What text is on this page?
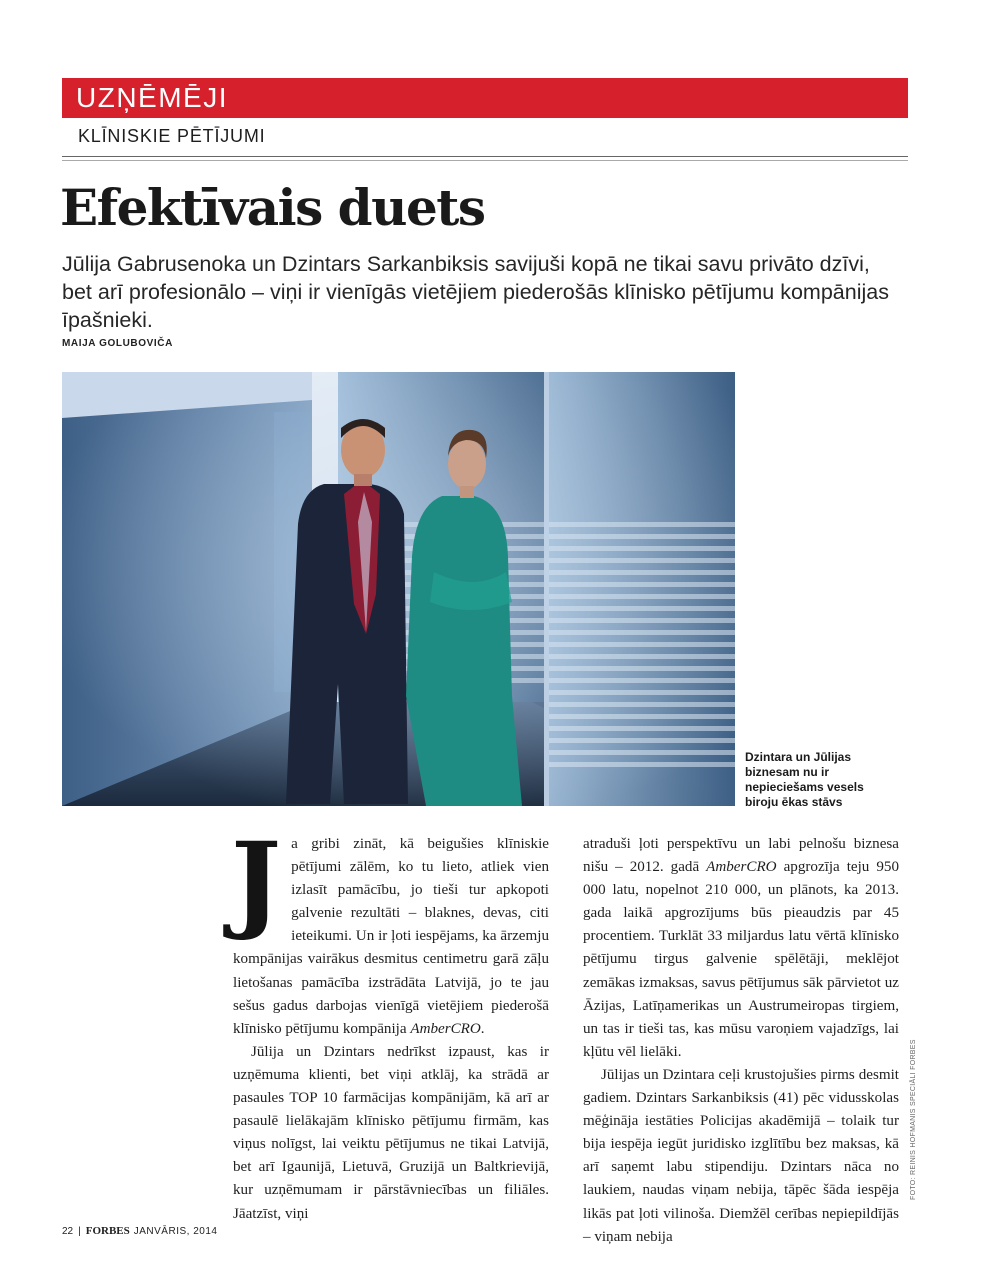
UZŅĒMĒJI
KLĪNISKIE PĒTĪJUMI
Efektīvais duets

Jūlija Gabrusenoka un Dzintars Sarkanbiksis savijuši kopā ne tikai savu privāto dzīvi, bet arī profesionālo – viņi ir vienīgās vietējiem piederošās klīnisko pētījumu kompānijas īpašnieki.

MAIJA GOLUBOVIČA

Dzintara un Jūlijas biznesam nu ir nepieciešams vesels biroju ēkas stāvs

Ja gribi zināt, kā beigušies klīniskie pētījumi zālēm, ko tu lieto, atliek vien izlasīt pamācību, jo tieši tur apkopoti galvenie rezultāti – blaknes, devas, citi ieteikumi. Un ir ļoti iespējams, ka ārzemju kompānijas vairākus desmitus centimetru garā zāļu lietošanas pamācība izstrādāta Latvijā, jo te jau sešus gadus darbojas vienīgā vietējiem piederošā klīnisko pētījumu kompānija AmberCRO.

Jūlija un Dzintars nedrīkst izpaust, kas ir uzņēmuma klienti, bet viņi atklāj, ka strādā ar pasaules TOP 10 farmācijas kompānijām, kā arī ar pasaulē lielākajām klīnisko pētījumu firmām, kas viņus nolīgst, lai veiktu pētījumus ne tikai Latvijā, bet arī Igaunijā, Lietuvā, Gruzijā un Baltkrievijā, kur uzņēmumam ir pārstāvniecības un filiāles. Jāatzīst, viņi

atraduši ļoti perspektīvu un labi pelnošu biznesa nišu – 2012. gadā AmberCRO apgrozīja teju 950 000 latu, nopelnot 210 000, un plānots, ka 2013. gada laikā apgrozījums būs pieaudzis par 45 procentiem. Turklāt 33 miljardus latu vērtā klīnisko pētījumu tirgus galvenie spēlētāji, meklējot zemākas izmaksas, savus pētījumus sāk pārvietot uz Āzijas, Latīņamerikas un Austrumeiropas tirgiem, un tas ir tieši tas, kas mūsu varoņiem vajadzīgs, lai kļūtu vēl lielāki.

Jūlijas un Dzintara ceļi krustojušies pirms desmit gadiem. Dzintars Sarkanbiksis (41) pēc vidusskolas mēģināja iestāties Policijas akadēmijā – tolaik tur bija iespēja iegūt juridisko izglītību bez maksas, kā arī saņemt labu stipendiju. Dzintars nāca no laukiem, naudas viņam nebija, tāpēc šāda iespēja likās pat ļoti vilinoša. Diemžēl cerības nepiepildījās – viņam nebija

FOTO: REINIS HOFMANIS SPECIĀLI FORBES
22 | FORBES JANVĀRIS, 2014
